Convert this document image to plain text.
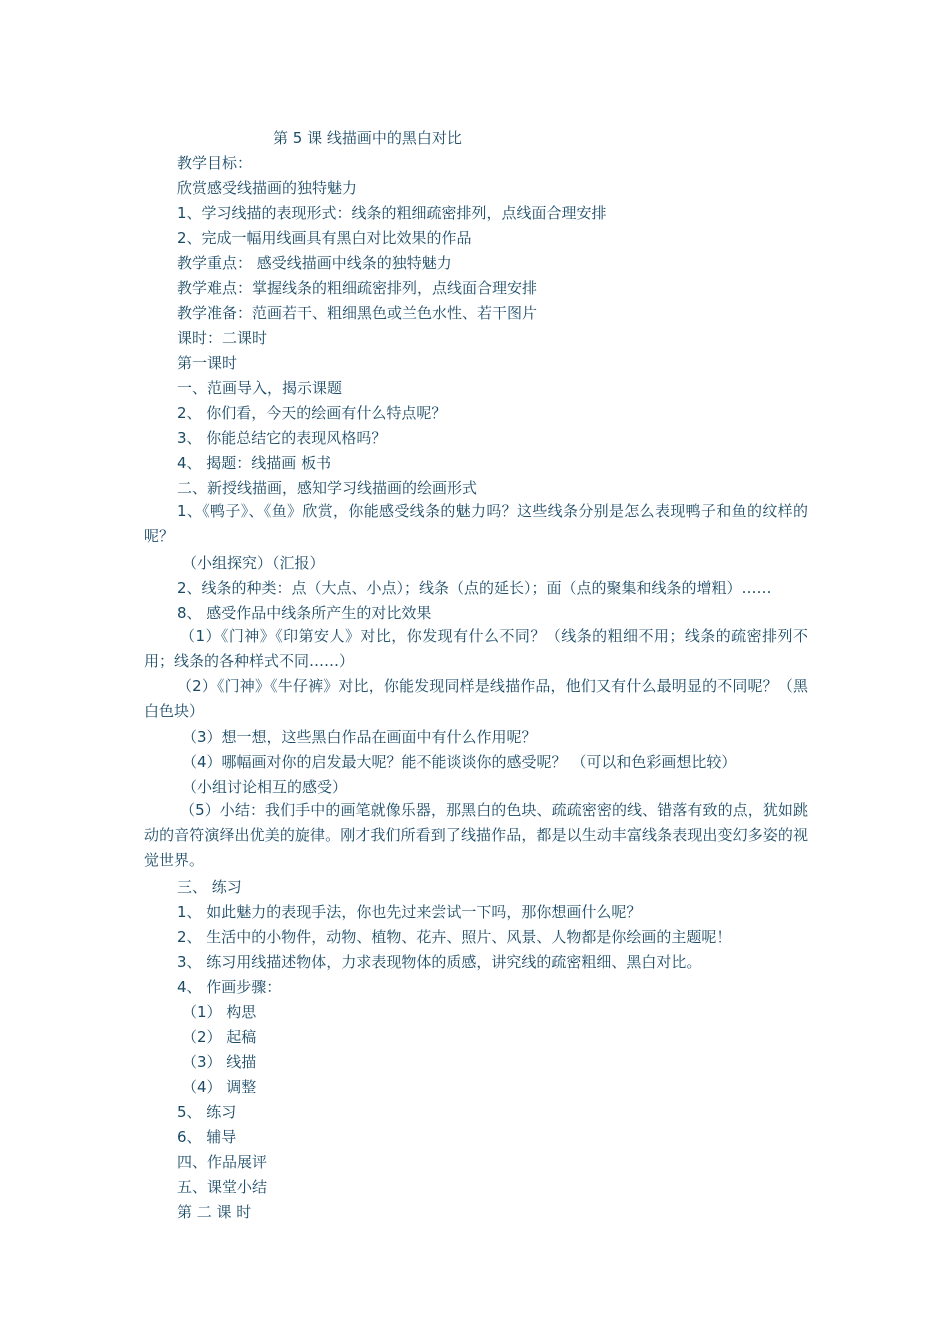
第 5 课 线描画中的黑白对比
教学目标：
欣赏感受线描画的独特魅力
1、学习线描的表现形式：线条的粗细疏密排列，点线面合理安排
2、完成一幅用线画具有黑白对比效果的作品
教学重点： 感受线描画中线条的独特魅力
教学难点：掌握线条的粗细疏密排列，点线面合理安排
教学准备：范画若干、粗细黑色或兰色水性、若干图片
课时：二课时
第一课时
一、范画导入，揭示课题
2、 你们看，今天的绘画有什么特点呢？
3、 你能总结它的表现风格吗？
4、 揭题：线描画 板书
二、新授线描画，感知学习线描画的绘画形式
1、《鸭子》、《鱼》欣赏，你能感受线条的魅力吗？这些线条分别是怎么表现鸭子和鱼的纹样的呢？
（小组探究）（汇报）
2、线条的种类：点（大点、小点）；线条（点的延长）；面（点的聚集和线条的增粗）……
8、 感受作品中线条所产生的对比效果
（1）《门神》《印第安人》对比，你发现有什么不同？（线条的粗细不用；线条的疏密排列不用；线条的各种样式不同……）
（2）《门神》《牛仔裤》对比，你能发现同样是线描作品，他们又有什么最明显的不同呢？（黑白色块）
（3）想一想，这些黑白作品在画面中有什么作用呢？
（4）哪幅画对你的启发最大呢？能不能谈谈你的感受呢？ （可以和色彩画想比较）
（小组讨论相互的感受）
（5）小结：我们手中的画笔就像乐器，那黑白的色块、疏疏密密的线、错落有致的点，犹如跳动的音符演绎出优美的旋律。刚才我们所看到了线描作品，都是以生动丰富线条表现出变幻多姿的视觉世界。
三、 练习
1、 如此魅力的表现手法，你也先过来尝试一下吗，那你想画什么呢？
2、 生活中的小物件，动物、植物、花卉、照片、风景、人物都是你绘画的主题呢！
3、 练习用线描述物体，力求表现物体的质感，讲究线的疏密粗细、黑白对比。
4、 作画步骤：
（1） 构思
（2） 起稿
（3） 线描
（4） 调整
5、 练习
6、 辅导
四、作品展评
五、课堂小结
第 二 课 时
